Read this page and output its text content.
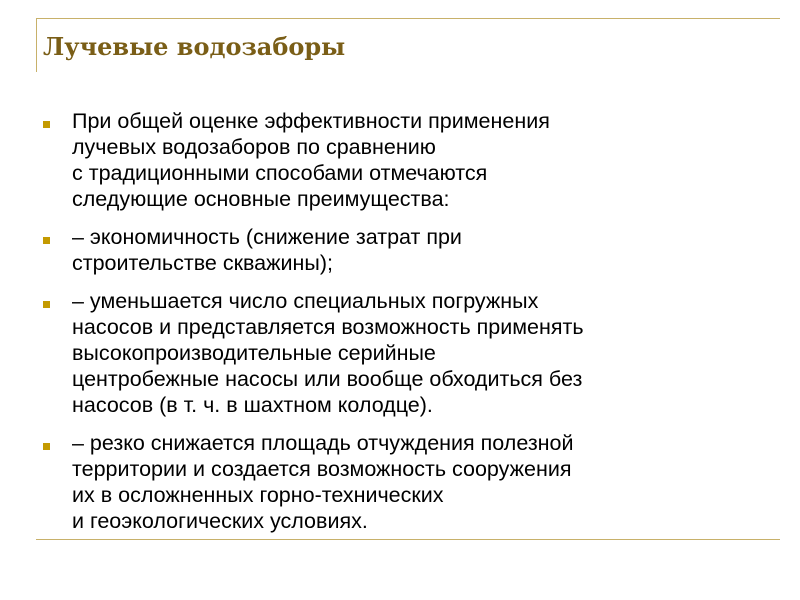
Лучевые водозаборы
При общей оценке эффективности применения
лучевых водозаборов по сравнению
с традиционными способами отмечаются
следующие основные преимущества:
– экономичность (снижение затрат при
строительстве скважины);
– уменьшается число специальных погружных
насосов и представляется возможность применять
высокопроизводительные серийные
центробежные насосы или вообще обходиться без
насосов (в т. ч. в шахтном колодце).
– резко снижается площадь отчуждения полезной
территории и создается возможность сооружения
их в осложненных горно-технических
и геоэкологических условиях.
